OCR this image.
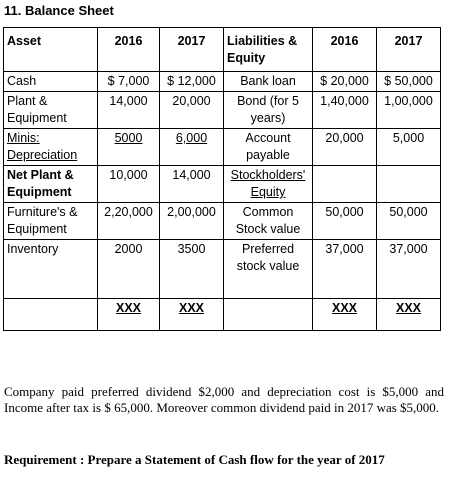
11. Balance Sheet
Asset	2016	2017	Liabilities & Equity	2016	2017
Cash	$ 7,000	$ 12,000	Bank loan	$ 20,000	$ 50,000
Plant & Equipment	14,000	20,000	Bond (for 5 years)	1,40,000	1,00,000
Minis: Depreciation	5000	6,000	Account payable	20,000	5,000
Net Plant & Equipment	10,000	14,000	Stockholders' Equity		
Furniture's & Equipment	2,20,000	2,00,000	Common Stock value	50,000	50,000
Inventory	2000	3500	Preferred stock value	37,000	37,000
	XXX	XXX		XXX	XXX
Company paid preferred dividend $2,000 and depreciation cost is $5,000 and Income after tax is $ 65,000. Moreover common dividend paid in 2017 was $5,000.
Requirement : Prepare a Statement of Cash flow for the year of 2017
